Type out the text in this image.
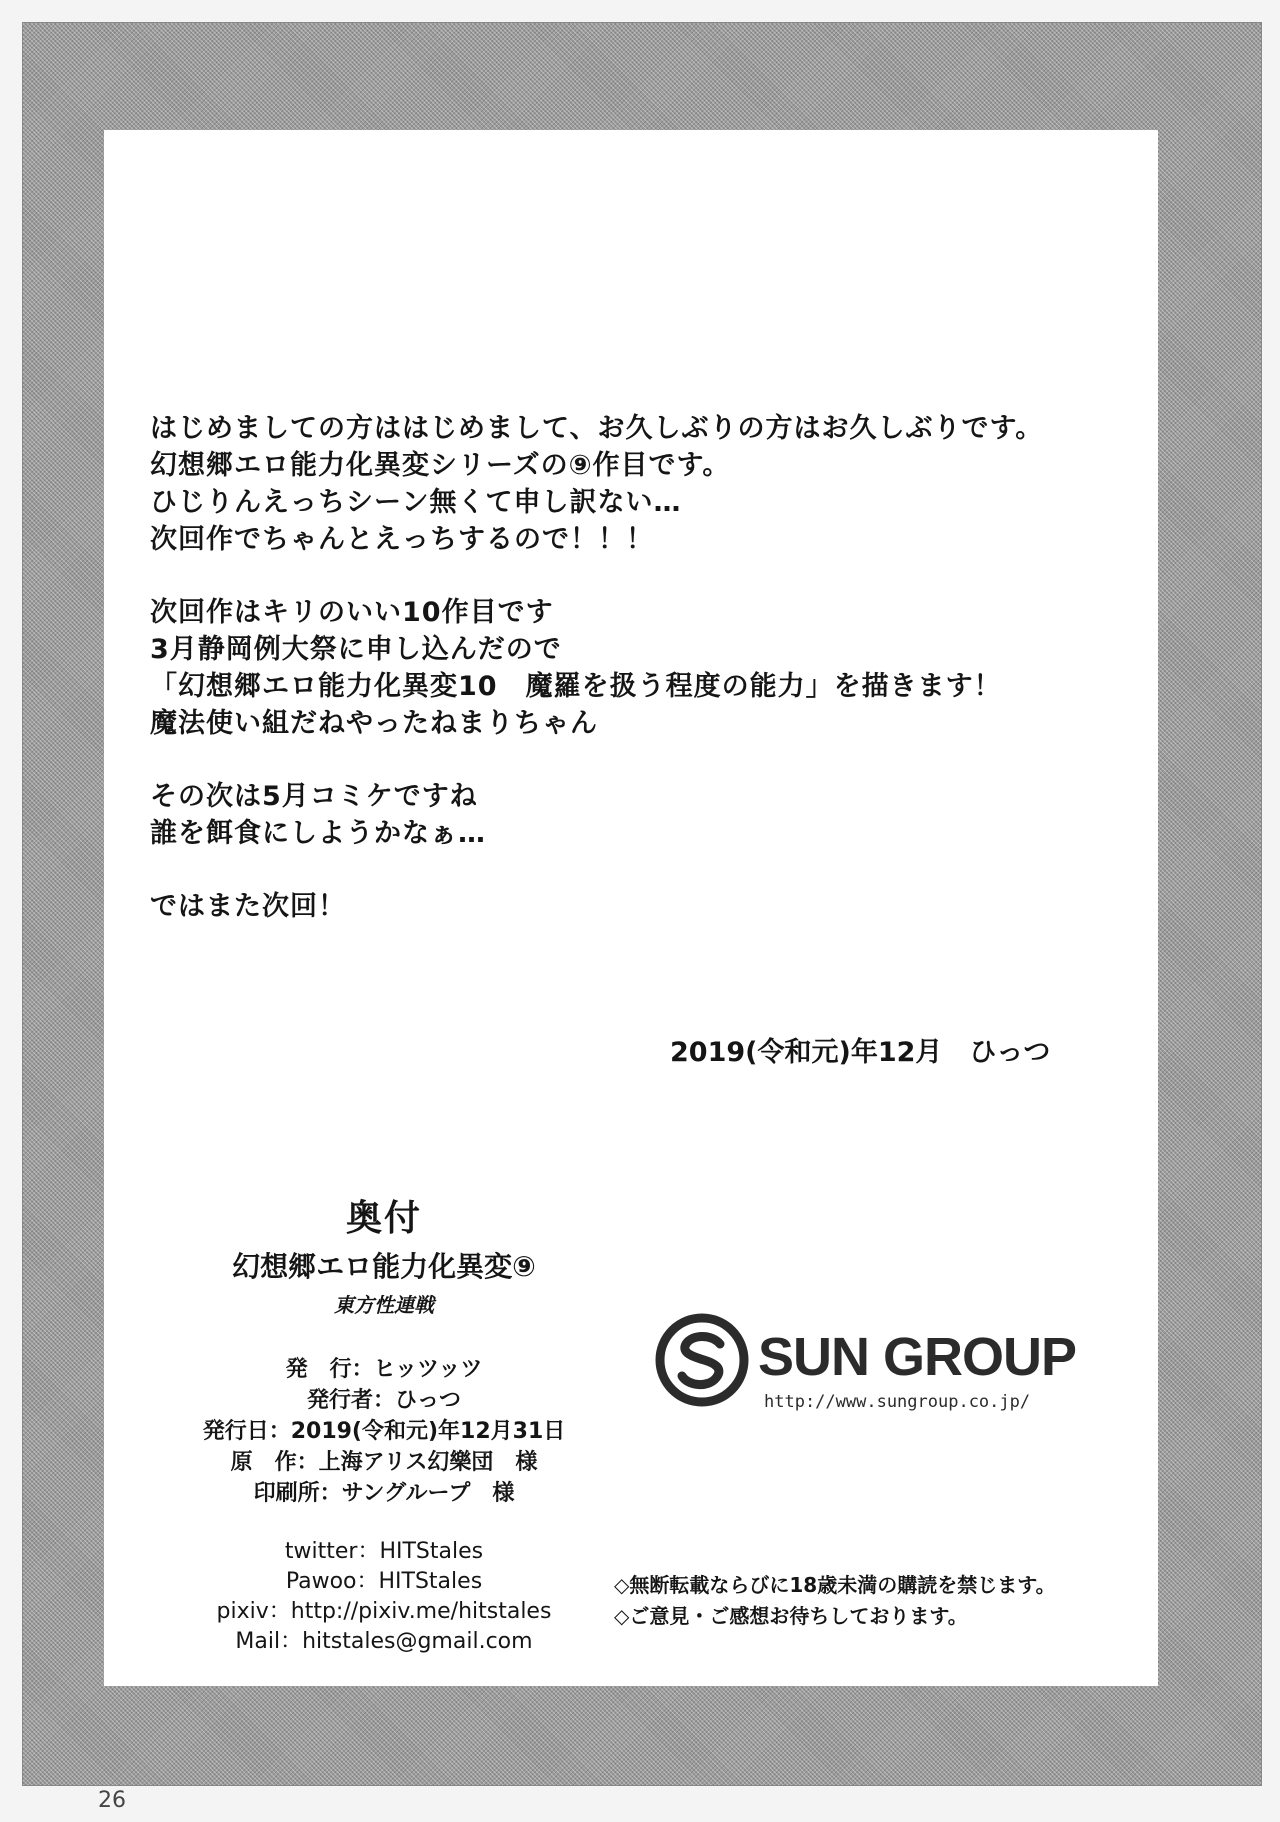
はじめましての方ははじめまして、お久しぶりの方はお久しぶりです。
幻想郷エロ能力化異変シリーズの⑨作目です。
ひじりんえっちシーン無くて申し訳ない…
次回作でちゃんとえっちするので！！！
次回作はキリのいい10作目です
3月静岡例大祭に申し込んだので
「幻想郷エロ能力化異変10　魔羅を扱う程度の能力」を描きます！
魔法使い組だねやったねまりちゃん
その次は5月コミケですね
誰を餌食にしようかなぁ…
ではまた次回！
2019(令和元)年12月　ひっつ
奥付
幻想郷エロ能力化異変⑨
東方性連戦
発　行：ヒッツッツ
発行者：ひっつ
発行日：2019(令和元)年12月31日
原　作：上海アリス幻樂団　様
印刷所：サングループ　様
twitter：HITStales
Pawoo：HITStales
pixiv：http://pixiv.me/hitstales
Mail：hitstales@gmail.com
SUN GROUP
http://www.sungroup.co.jp/
◇無断転載ならびに18歳未満の購読を禁じます。
◇ご意見・ご感想お待ちしております。
26
